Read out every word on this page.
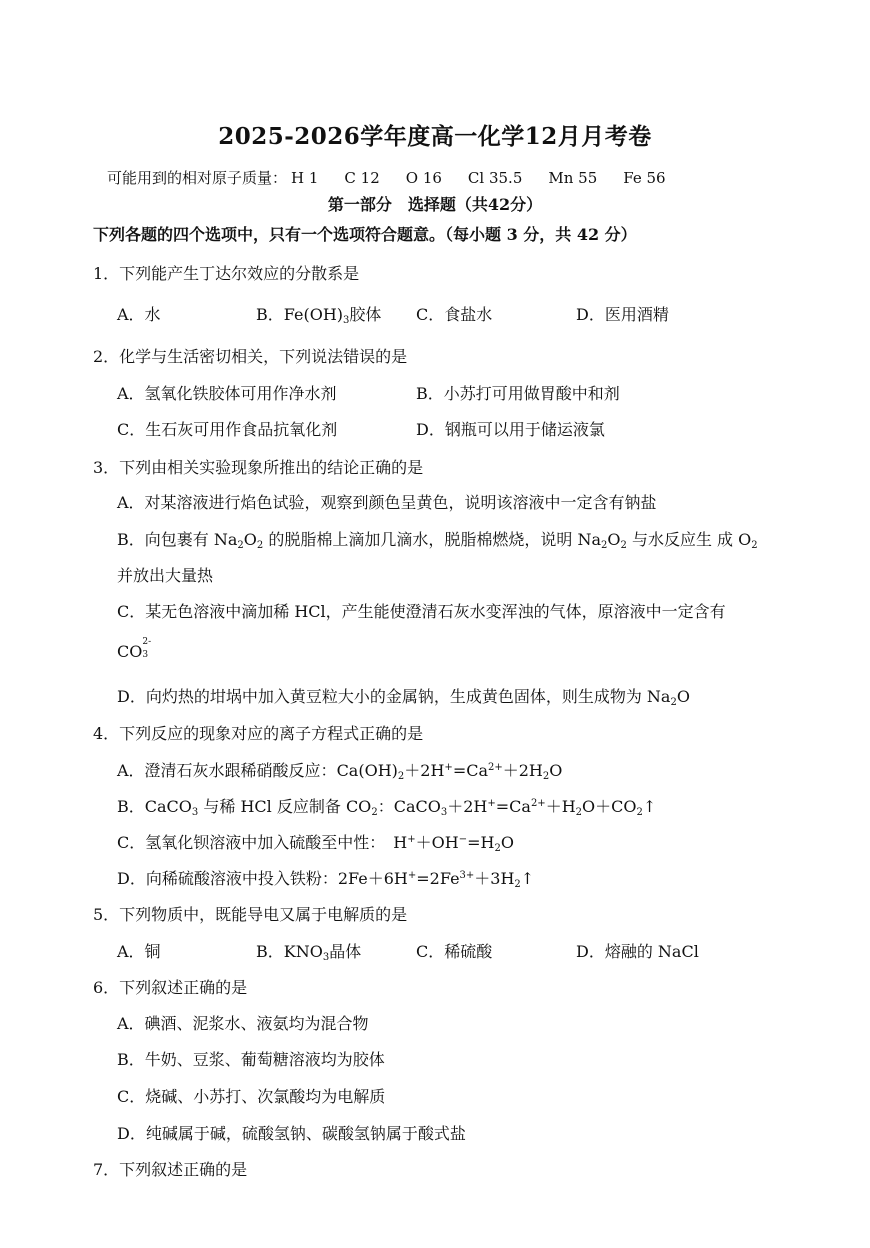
2025-2026学年度高一化学12月月考卷
可能用到的相对原子质量： H 1 C 12 O 16 Cl 35.5 Mn 55 Fe 56
第一部分　选择题（共42分）
下列各题的四个选项中，只有一个选项符合题意。（每小题 3 分，共 42 分）
1．下列能产生丁达尔效应的分散系是
A．水	B．$Fe(OH)_3$胶体 C．食盐水	D．医用酒精
2．化学与生活密切相关，下列说法错误的是
A．氢氧化铁胶体可用作净水剂	B．小苏打可用做胃酸中和剂
C．生石灰可用作食品抗氧化剂	D．钢瓶可以用于储运液氯
3．下列由相关实验现象所推出的结论正确的是
A．对某溶液进行焰色试验，观察到颜色呈黄色，说明该溶液中一定含有钠盐
B．向包裹有 $Na_2O_2$ 的脱脂棉上滴加几滴水，脱脂棉燃烧，说明 $Na_2O_2$ 与水反应生 成 $O_2$
并放出大量热
C．某无色溶液中滴加稀 HCl，产生能使澄清石灰水变浑浊的气体，原溶液中一定含有
CO 2-
3
D．向灼热的坩埚中加入黄豆粒大小的金属钠，生成黄色固体，则生成物为 $Na_2O$
4．下列反应的现象对应的离子方程式正确的是
A．澄清石灰水跟稀硝酸反应：$Ca(OH)_2+2H^+=Ca^{2+}+2H_2O$
B．CaCO$_3$ 与稀 HCl 反应制备 $CO_2$：$CaCO_3+2H^+=Ca^{2+}+H_2O+CO_2↑$
C．氢氧化钡溶液中加入硫酸至中性：　$H^++OH^-=H_2O$
D．向稀硫酸溶液中投入铁粉：$2Fe+6H^+=2Fe^{3+}+3H_2↑$
5．下列物质中，既能导电又属于电解质的是
A．铜	B．$KNO_3$晶体	C．稀硫酸	D．熔融的 NaCl
6．下列叙述正确的是
A．碘酒、泥浆水、液氨均为混合物
B．牛奶、豆浆、葡萄糖溶液均为胶体
C．烧碱、小苏打、次氯酸均为电解质
D．纯碱属于碱，硫酸氢钠、碳酸氢钠属于酸式盐
7．下列叙述正确的是
